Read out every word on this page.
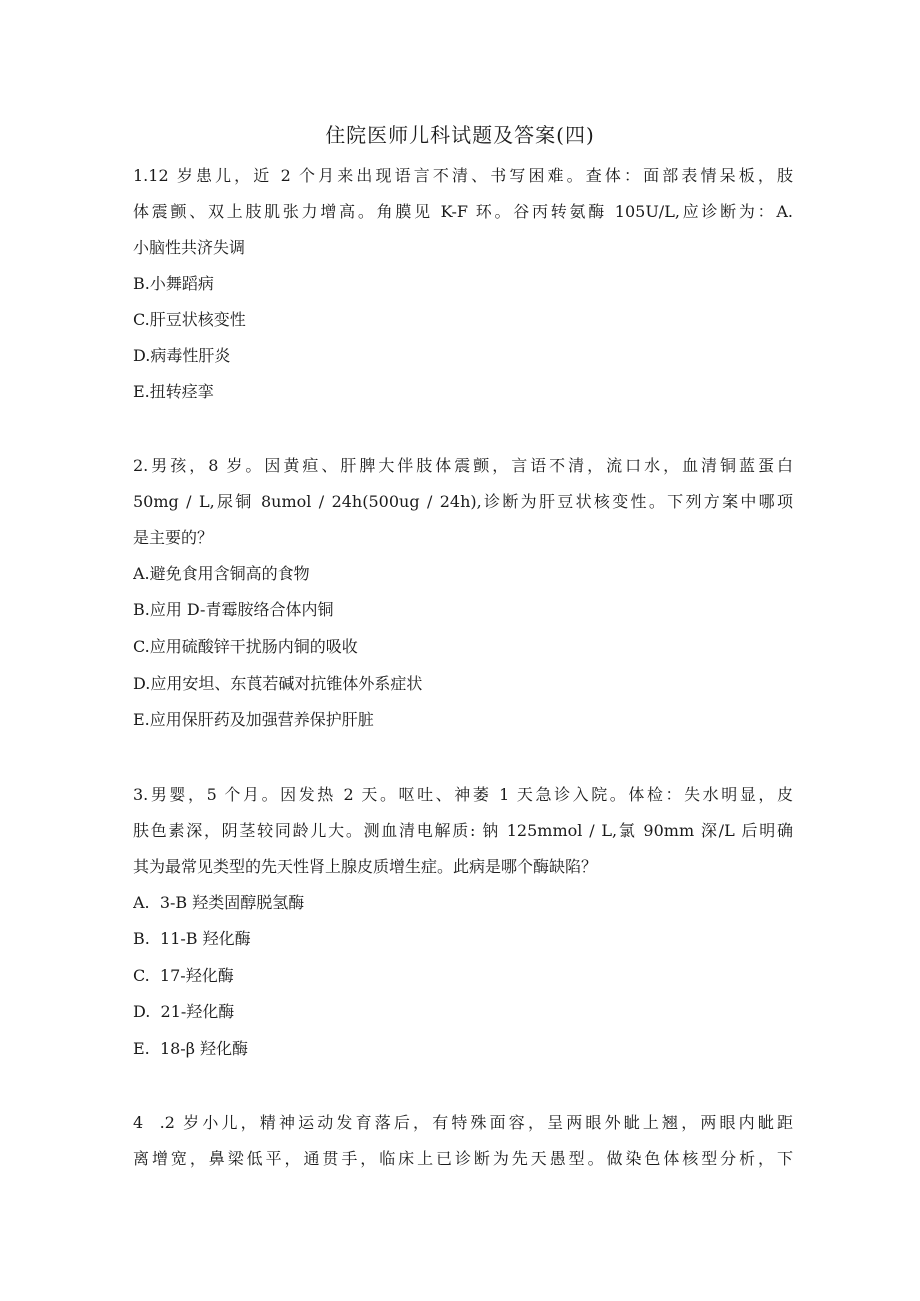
住院医师儿科试题及答案(四)
1.12 岁患儿，近 2 个月来出现语言不清、书写困难。查体：面部表情呆板，肢
体震颤、双上肢肌张力增高。角膜见 K-F 环。谷丙转氨酶 105U/L,应诊断为：A.
小脑性共济失调
B.小舞蹈病
C.肝豆状核变性
D.病毒性肝炎
E.扭转痉挛
2.男孩，8 岁。因黄疸、肝脾大伴肢体震颤，言语不清，流口水，血清铜蓝蛋白
50mg / L,尿铜 8umol / 24h(500ug / 24h),诊断为肝豆状核变性。下列方案中哪项
是主要的？
A.避免食用含铜高的食物
B.应用 D-青霉胺络合体内铜
C.应用硫酸锌干扰肠内铜的吸收
D.应用安坦、东莨若碱对抗锥体外系症状
E.应用保肝药及加强营养保护肝脏
3.男婴，5 个月。因发热 2 天。呕吐、神萎 1 天急诊入院。体检：失水明显，皮
肤色素深，阴茎较同龄儿大。测血清电解质: 钠 125mmol / L,氯 90mm 深/L 后明确
其为最常见类型的先天性肾上腺皮质增生症。此病是哪个酶缺陷？
A.  3-B 羟类固醇脱氢酶
B.  11-B 羟化酶
C.  17-羟化酶
D.  21-羟化酶
E.  18-β 羟化酶
4  .2 岁小儿，精神运动发育落后，有特殊面容，呈两眼外眦上翘，两眼内眦距
离增宽，鼻梁低平，通贯手，临床上已诊断为先天愚型。做染色体核型分析，下
